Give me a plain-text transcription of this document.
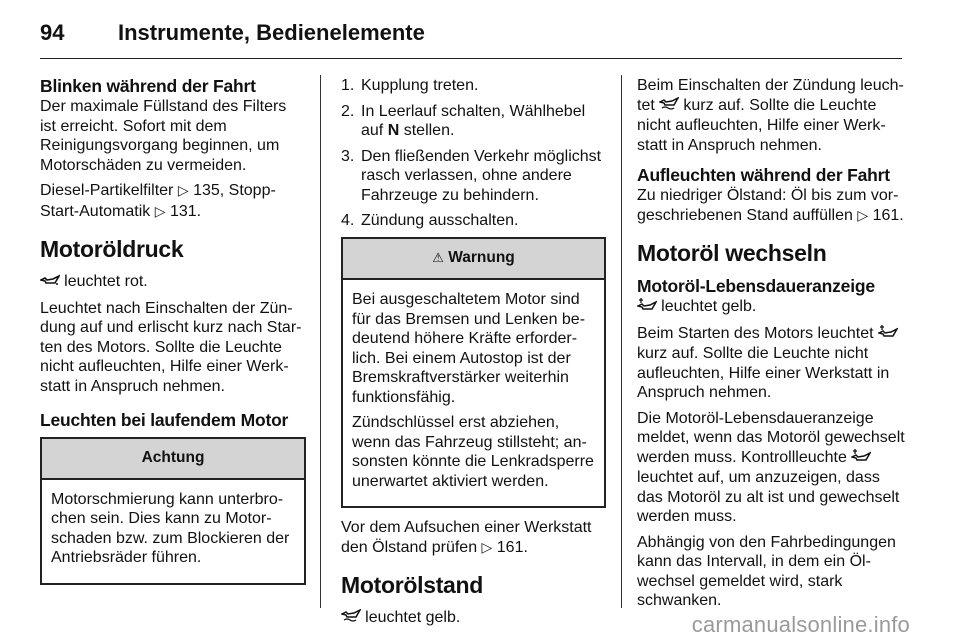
94 Instrumente, Bedienelemente
Blinken während der Fahrt

Der maximale Füllstand des Filters ist erreicht. Sofort mit dem Reinigungsvorgang beginnen, um Motorschäden zu vermeiden.

Diesel-Partikelfilter ▷ 135, Stopp-Start-Automatik ▷ 131.

Motoröldruck

leuchtet rot.

Leuchtet nach Einschalten der Zündung auf und erlischt kurz nach Starten des Motors. Sollte die Leuchte nicht aufleuchten, Hilfe einer Werkstatt in Anspruch nehmen.

Leuchten bei laufendem Motor
Achtung

Motorschmierung kann unterbrochen sein. Dies kann zu Motorschaden bzw. zum Blockieren der Antriebsräder führen.

1. Kupplung treten.
2. In Leerlauf schalten, Wählhebel auf N stellen.
3. Den fließenden Verkehr möglichst rasch verlassen, ohne andere Fahrzeuge zu behindern.
4. Zündung ausschalten.
⚠ Warnung

Bei ausgeschaltetem Motor sind für das Bremsen und Lenken bedeutend höhere Kräfte erforderlich. Bei einem Autostop ist der Bremskraftverstärker weiterhin funktionsfähig.

Zündschlüssel erst abziehen, wenn das Fahrzeug stillsteht; ansonsten könnte die Lenkradsperre unerwartet aktiviert werden.

Vor dem Aufsuchen einer Werkstatt den Ölstand prüfen ▷ 161.

Motorölstand

leuchtet gelb.

Beim Einschalten der Zündung leuchtet kurz auf. Sollte die Leuchte nicht aufleuchten, Hilfe einer Werkstatt in Anspruch nehmen.

Aufleuchten während der Fahrt

Zu niedriger Ölstand: Öl bis zum vorgeschriebenen Stand auffüllen ▷ 161.

Motoröl wechseln
Motoröl-Lebensdaueranzeige

leuchtet gelb.

Beim Starten des Motors leuchtet  kurz auf. Sollte die Leuchte nicht aufleuchten, Hilfe einer Werkstatt in Anspruch nehmen.

Die Motoröl-Lebensdaueranzeige meldet, wenn das Motoröl gewechselt werden muss. Kontrollleuchte  leuchtet auf, um anzuzeigen, dass das Motoröl zu alt ist und gewechselt werden muss.

Abhängig von den Fahrbedingungen kann das Intervall, in dem ein Ölwechsel gemeldet wird, stark schwanken.

carmanualsonline.info
